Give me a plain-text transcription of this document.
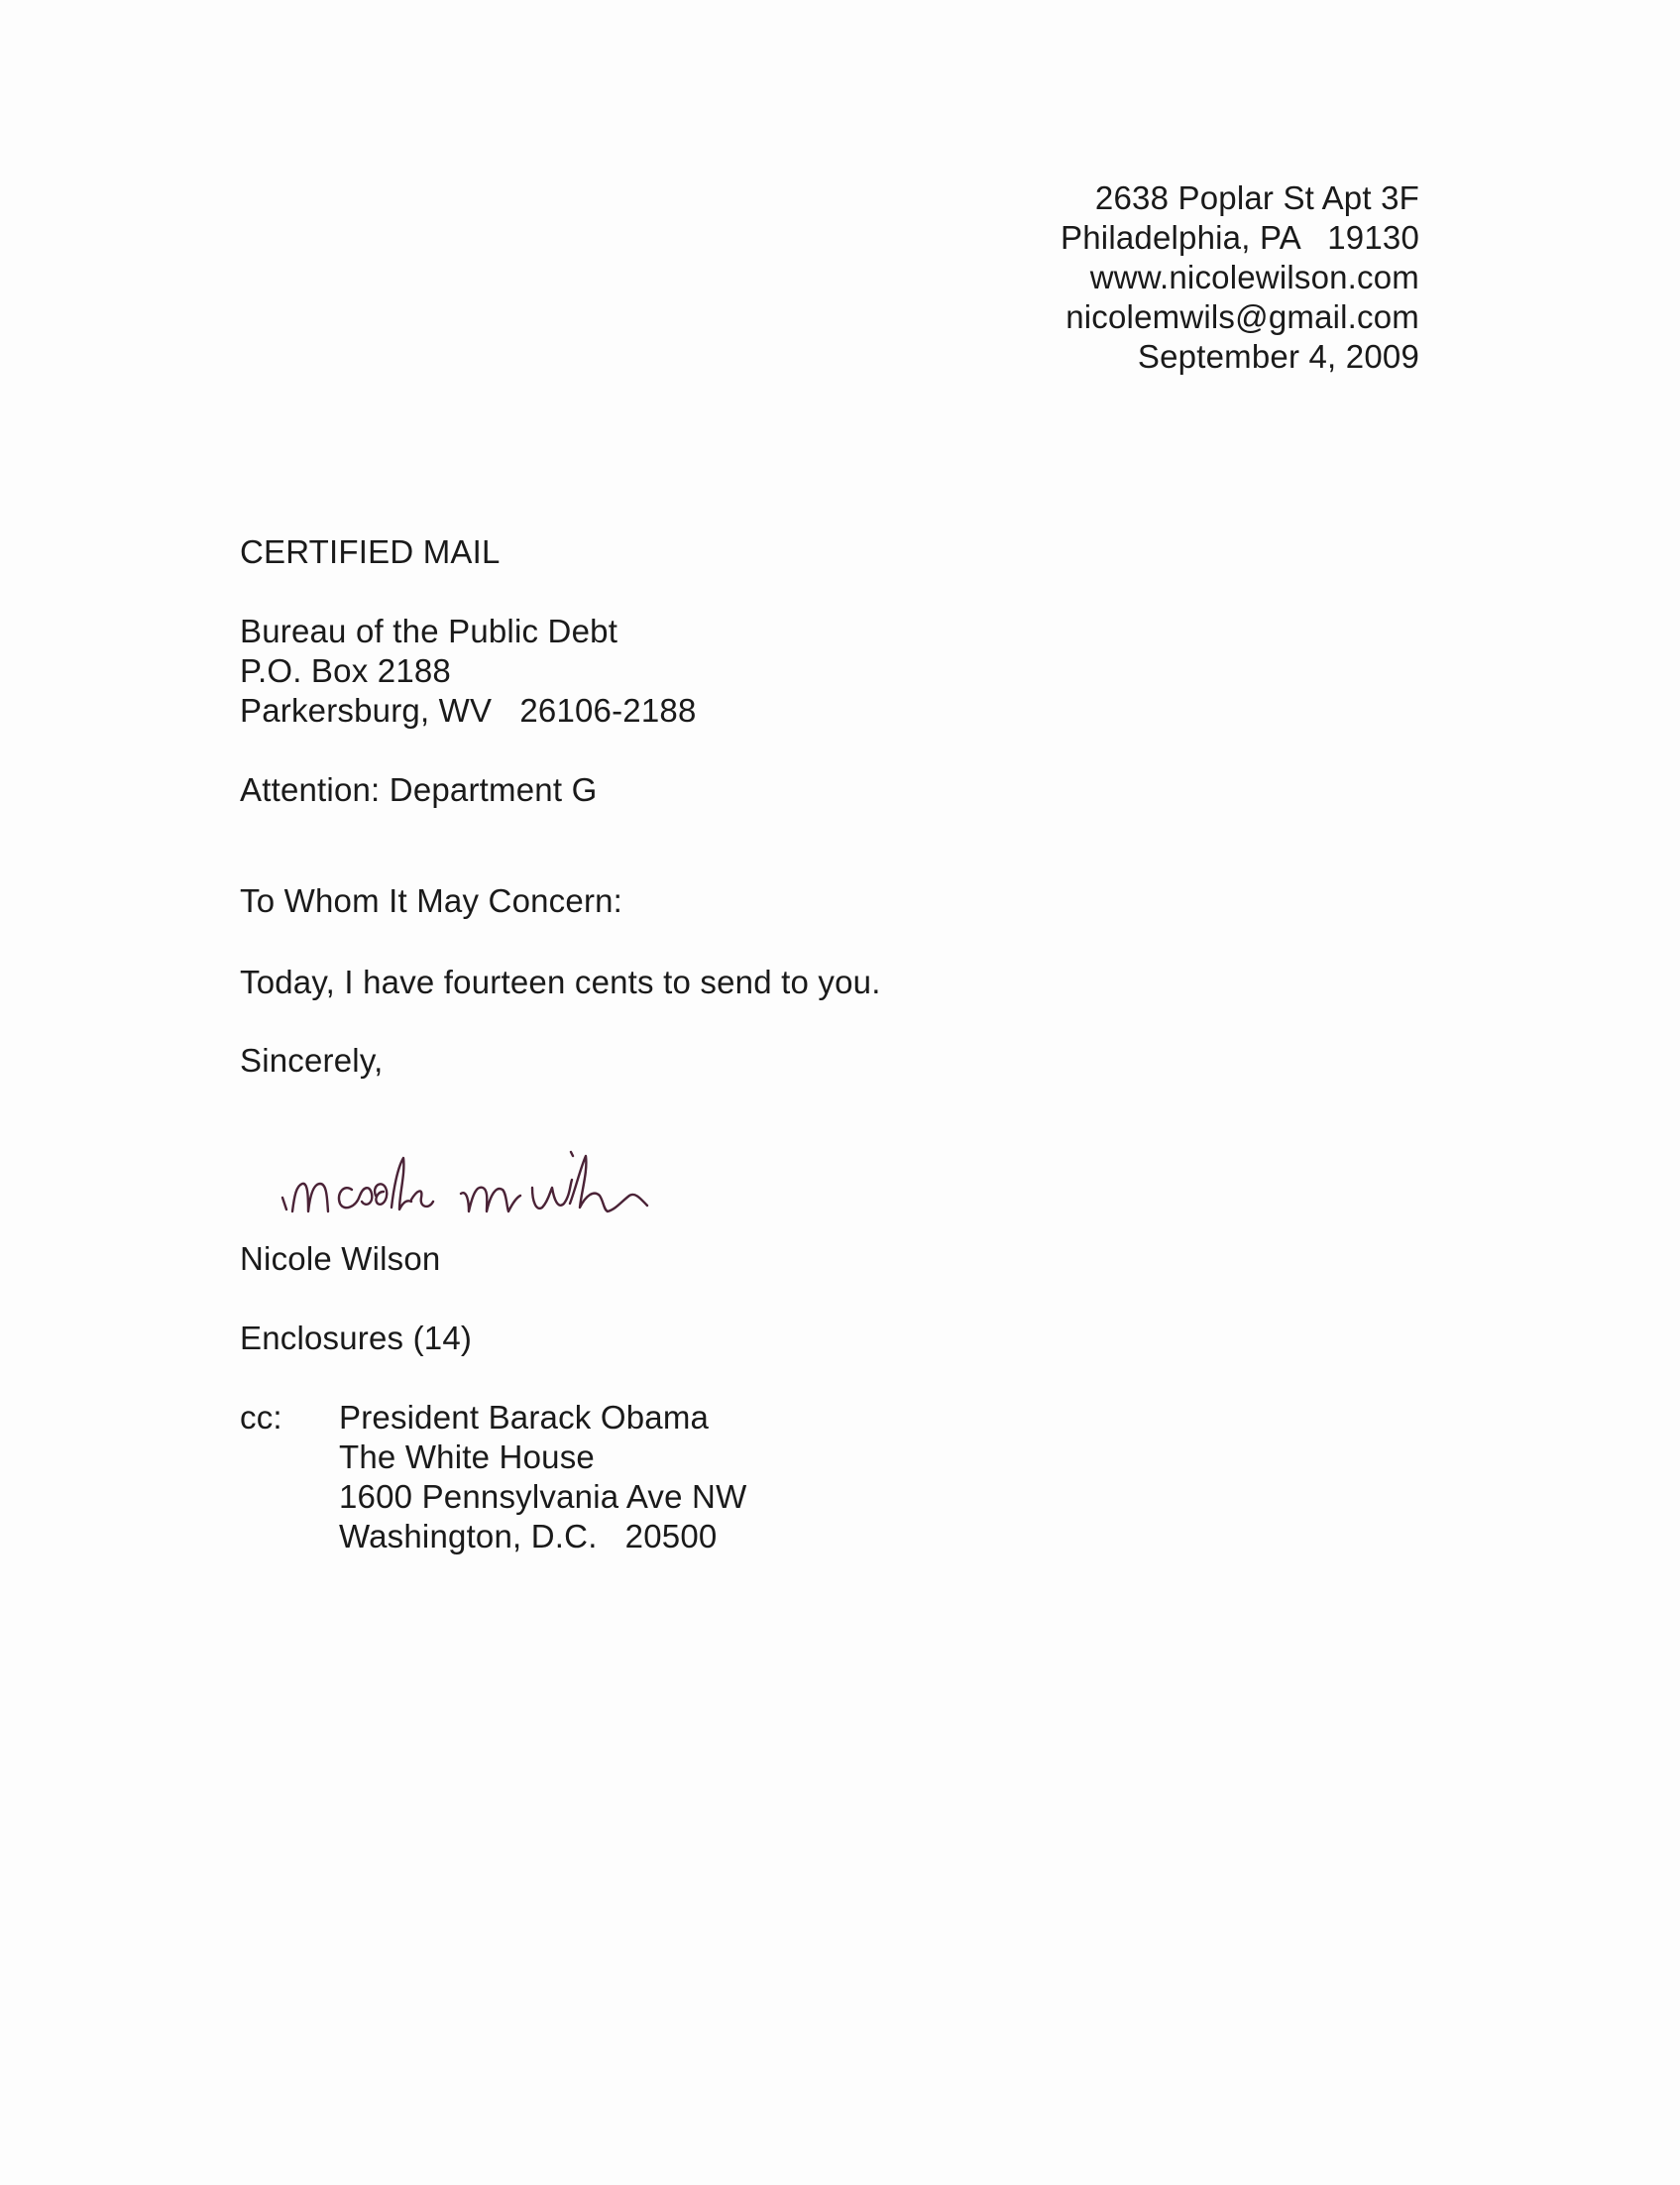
2638 Poplar St Apt 3F
Philadelphia, PA   19130
www.nicolewilson.com
nicolemwils@gmail.com
September 4, 2009
CERTIFIED MAIL
Bureau of the Public Debt
P.O. Box 2188
Parkersburg, WV   26106-2188
Attention: Department G
To Whom It May Concern:
Today, I have fourteen cents to send to you.
Sincerely,
Nicole Wilson
Enclosures (14)
cc: President Barack Obama
The White House
1600 Pennsylvania Ave NW
Washington, D.C.   20500
